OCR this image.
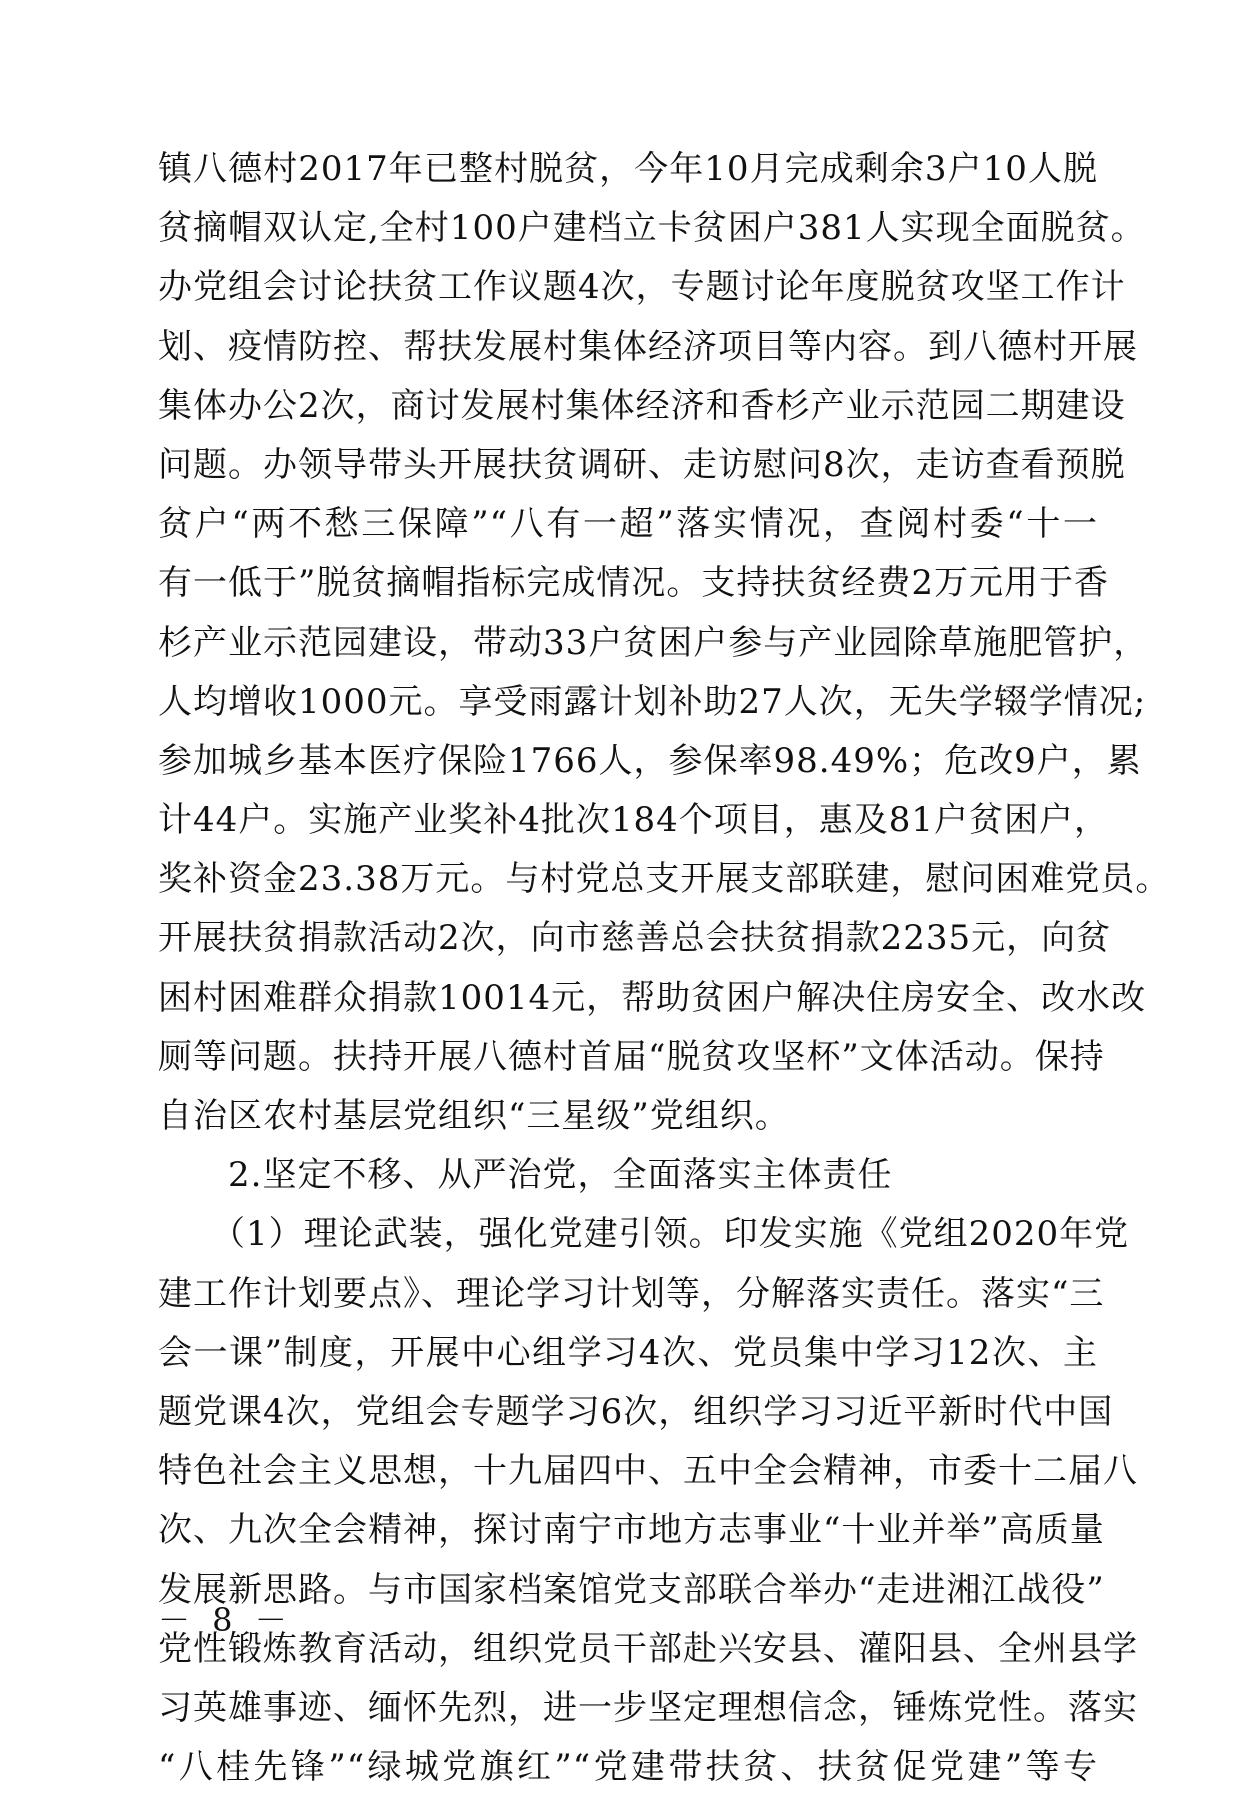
镇八德村2017年已整村脱贫，今年10月完成剩余3户10人脱
贫摘帽双认定,全村100户建档立卡贫困户381人实现全面脱贫。
办党组会讨论扶贫工作议题4次，专题讨论年度脱贫攻坚工作计
划、疫情防控、帮扶发展村集体经济项目等内容。到八德村开展
集体办公2次，商讨发展村集体经济和香杉产业示范园二期建设
问题。办领导带头开展扶贫调研、走访慰问8次，走访查看预脱
贫户“两不愁三保障”“八有一超”落实情况，查阅村委“十一
有一低于”脱贫摘帽指标完成情况。支持扶贫经费2万元用于香
杉产业示范园建设，带动33户贫困户参与产业园除草施肥管护，
人均增收1000元。享受雨露计划补助27人次，无失学辍学情况;
参加城乡基本医疗保险1766人，参保率98.49%；危改9户，累
计44户。实施产业奖补4批次184个项目，惠及81户贫困户，
奖补资金23.38万元。与村党总支开展支部联建，慰问困难党员。
开展扶贫捐款活动2次，向市慈善总会扶贫捐款2235元，向贫
困村困难群众捐款10014元，帮助贫困户解决住房安全、改水改
厕等问题。扶持开展八德村首届“脱贫攻坚杯”文体活动。保持
自治区农村基层党组织“三星级”党组织。
　　2.坚定不移、从严治党，全面落实主体责任
　　（1）理论武装，强化党建引领。印发实施《党组2020年党
建工作计划要点》、理论学习计划等，分解落实责任。落实“三
会一课”制度，开展中心组学习4次、党员集中学习12次、主
题党课4次，党组会专题学习6次，组织学习习近平新时代中国
特色社会主义思想，十九届四中、五中全会精神，市委十二届八
次、九次全会精神，探讨南宁市地方志事业“十业并举”高质量
发展新思路。与市国家档案馆党支部联合举办“走进湘江战役”
党性锻炼教育活动，组织党员干部赴兴安县、灌阳县、全州县学
习英雄事迹、缅怀先烈，进一步坚定理想信念，锤炼党性。落实
“八桂先锋”“绿城党旗红”“党建带扶贫、扶贫促党建”等专
－ 8 －
